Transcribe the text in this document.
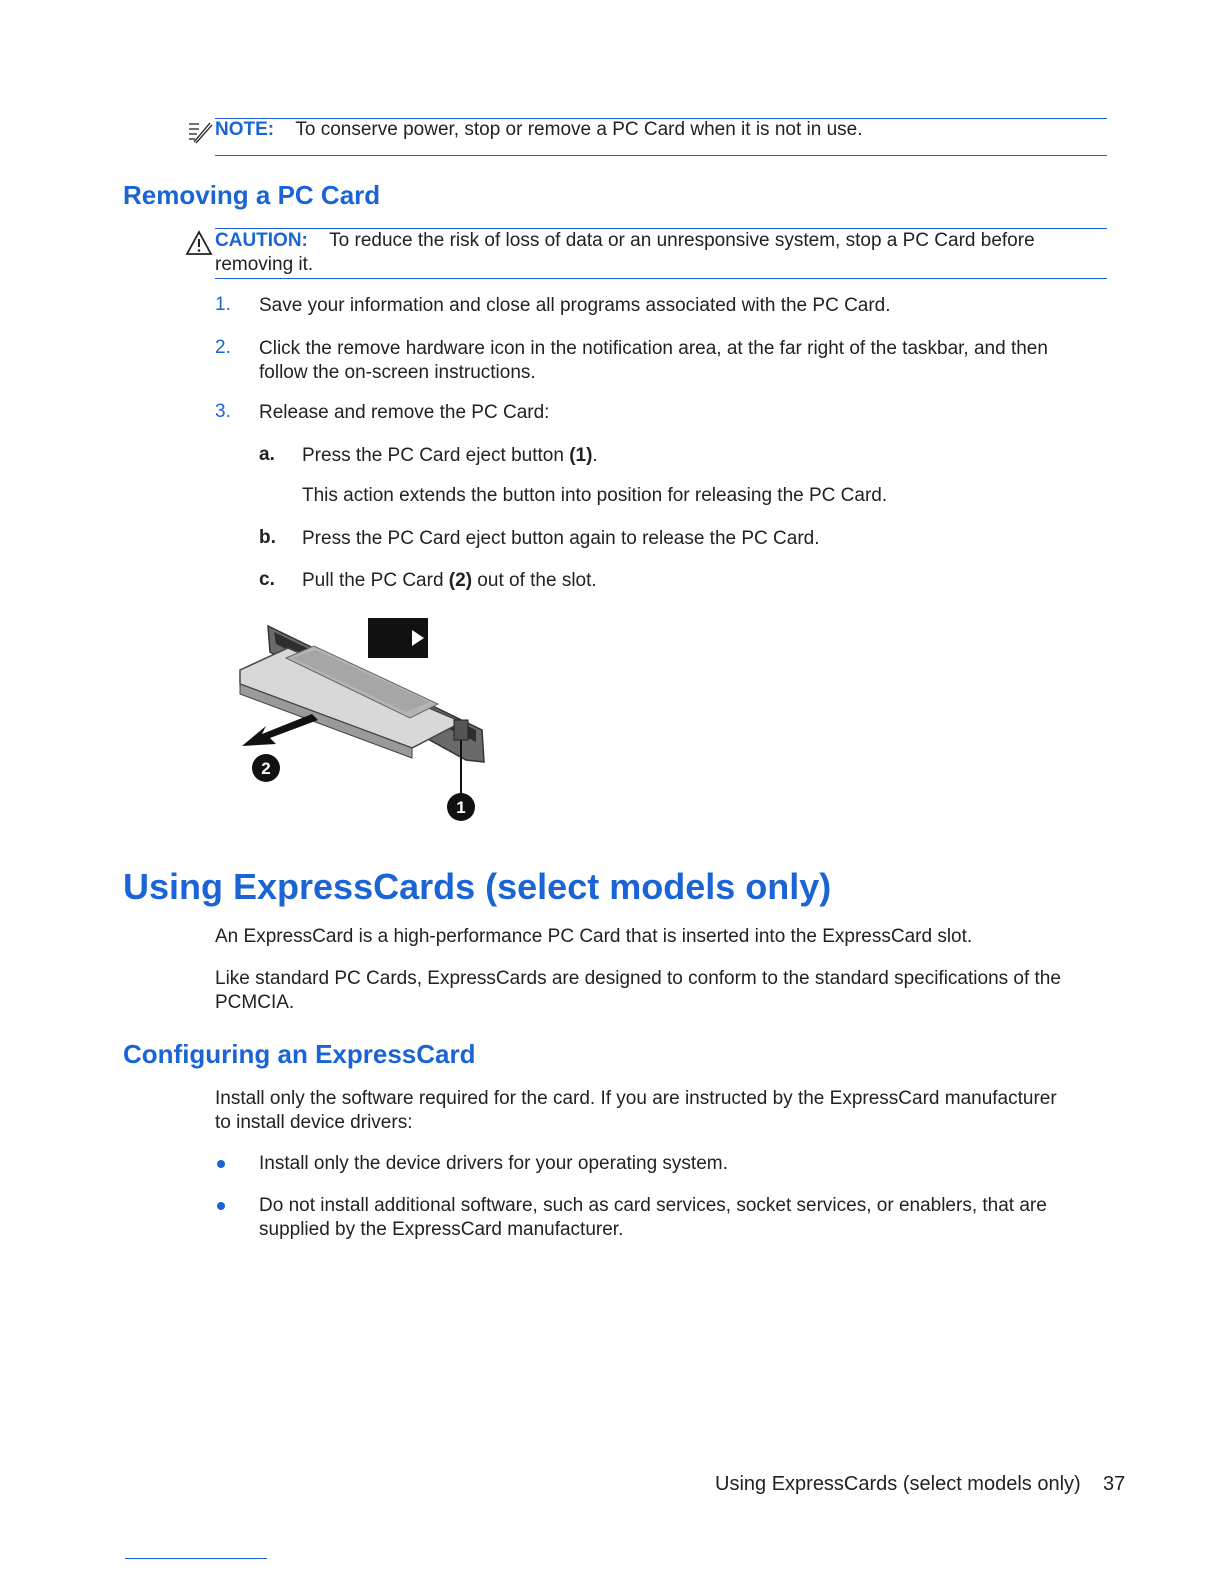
NOTE: To conserve power, stop or remove a PC Card when it is not in use.
Removing a PC Card
CAUTION: To reduce the risk of loss of data or an unresponsive system, stop a PC Card before
removing it.
1. Save your information and close all programs associated with the PC Card.
2. Click the remove hardware icon in the notification area, at the far right of the taskbar, and then
follow the on-screen instructions.
3. Release and remove the PC Card:
a. Press the PC Card eject button (1).
This action extends the button into position for releasing the PC Card.
b. Press the PC Card eject button again to release the PC Card.
c. Pull the PC Card (2) out of the slot.
1
2
Using ExpressCards (select models only)
An ExpressCard is a high-performance PC Card that is inserted into the ExpressCard slot.
Like standard PC Cards, ExpressCards are designed to conform to the standard specifications of the
PCMCIA.
Configuring an ExpressCard
Install only the software required for the card. If you are instructed by the ExpressCard manufacturer
to install device drivers:
Install only the device drivers for your operating system.
Do not install additional software, such as card services, socket services, or enablers, that are
supplied by the ExpressCard manufacturer.
Using ExpressCards (select models only) 37
